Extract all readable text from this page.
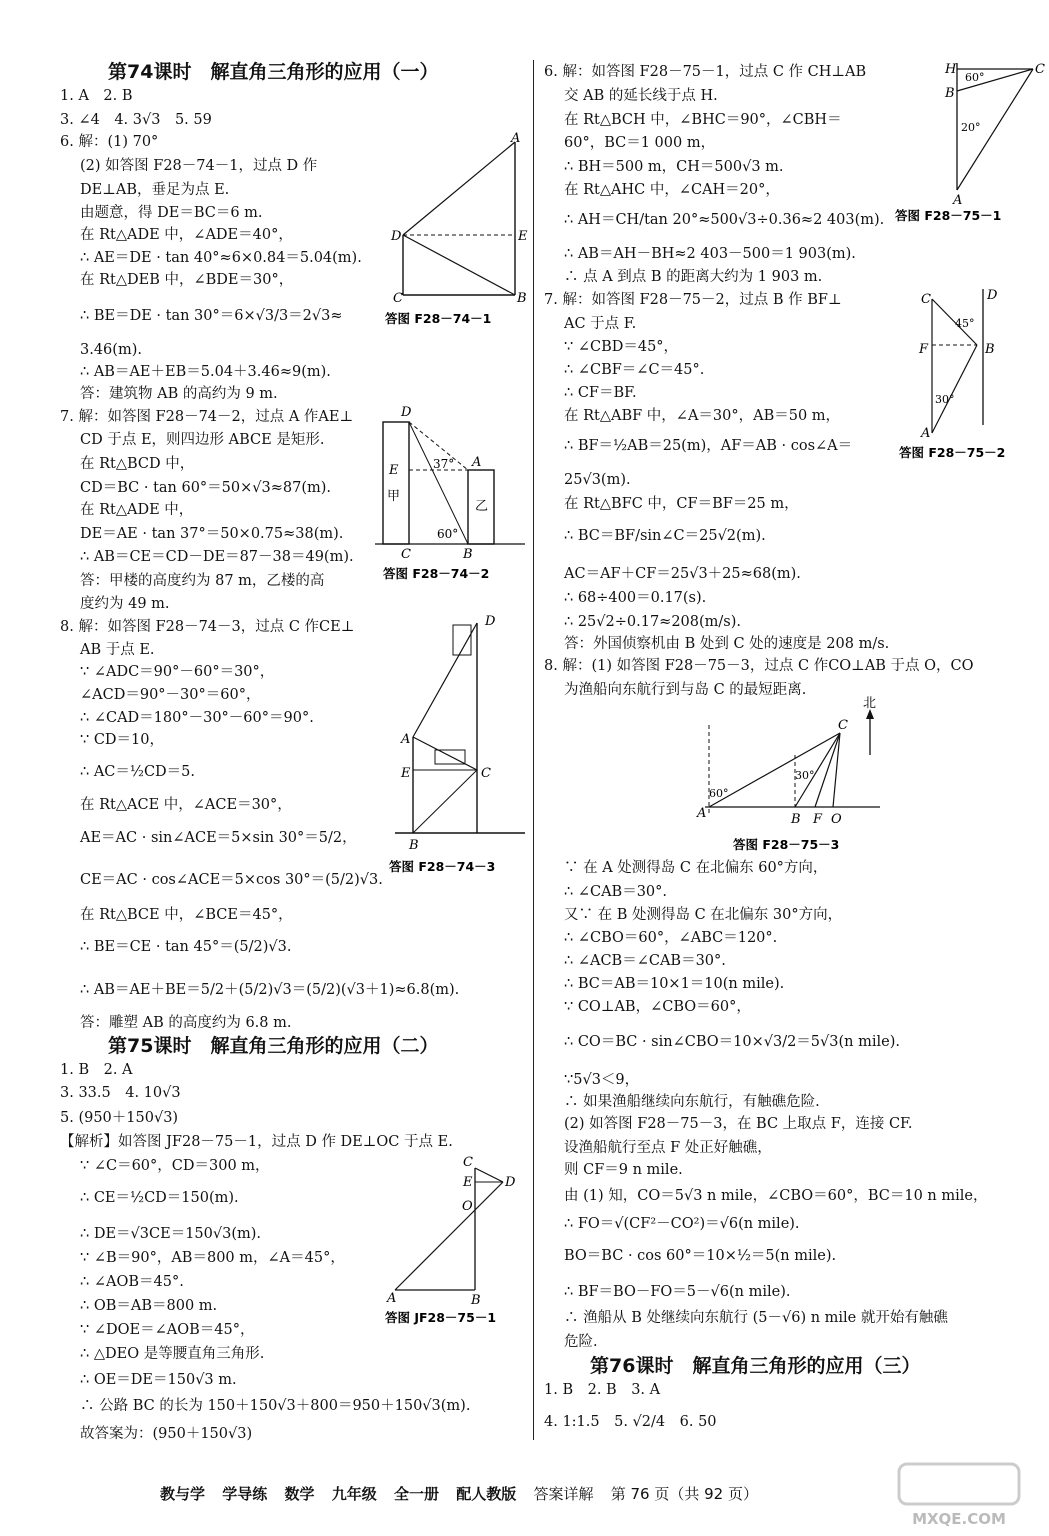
第74课时　解直角三角形的应用（一）
1. A　2. B
3. ∠4　4. 3√3　5. 59
6. 解：(1) 70°
(2) 如答图 F28－74－1，过点 D 作
DE⊥AB，垂足为点 E.
由题意，得 DE＝BC＝6 m.
在 Rt△ADE 中，∠ADE＝40°，
∴ AE＝DE · tan 40°≈6×0.84＝5.04(m).
在 Rt△DEB 中，∠BDE＝30°，
∴ BE＝DE · tan 30°＝6×√3/3＝2√3≈
3.46(m).
∴ AB＝AE＋EB＝5.04＋3.46≈9(m).
答：建筑物 AB 的高约为 9 m.
7. 解：如答图 F28－74－2，过点 A 作AE⊥
CD 于点 E，则四边形 ABCE 是矩形.
在 Rt△BCD 中，
CD＝BC · tan 60°＝50×√3≈87(m).
在 Rt△ADE 中，
DE＝AE · tan 37°＝50×0.75≈38(m).
∴ AB＝CE＝CD－DE＝87－38＝49(m).
答：甲楼的高度约为 87 m，乙楼的高
度约为 49 m.
8. 解：如答图 F28－74－3，过点 C 作CE⊥
AB 于点 E.
∵ ∠ADC＝90°－60°＝30°，
∠ACD＝90°－30°＝60°，
∴ ∠CAD＝180°－30°－60°＝90°.
∵ CD＝10，
∴ AC＝½CD＝5.
在 Rt△ACE 中，∠ACE＝30°，
AE＝AC · sin∠ACE＝5×sin 30°＝5/2，
CE＝AC · cos∠ACE＝5×cos 30°＝(5/2)√3.
在 Rt△BCE 中，∠BCE＝45°，
∴ BE＝CE · tan 45°＝(5/2)√3.
∴ AB＝AE＋BE＝5/2＋(5/2)√3＝(5/2)(√3＋1)≈6.8(m).
答：雕塑 AB 的高度约为 6.8 m.
第75课时　解直角三角形的应用（二）
1. B　2. A
3. 33.5　4. 10√3
5. (950＋150√3)
【解析】如答图 JF28－75－1，过点 D 作 DE⊥OC 于点 E.
∵ ∠C＝60°，CD＝300 m，
∴ CE＝½CD＝150(m).
∴ DE＝√3CE＝150√3(m).
∵ ∠B＝90°，AB＝800 m，∠A＝45°，
∴ ∠AOB＝45°.
∴ OB＝AB＝800 m.
∵ ∠DOE＝∠AOB＝45°，
∴ △DEO 是等腰直角三角形.
∴ OE＝DE＝150√3 m.
∴ 公路 BC 的长为 150＋150√3＋800＝950＋150√3(m).
故答案为：(950＋150√3)
6. 解：如答图 F28－75－1，过点 C 作 CH⊥AB
交 AB 的延长线于点 H.
在 Rt△BCH 中，∠BHC＝90°，∠CBH＝
60°，BC＝1 000 m，
∴ BH＝500 m，CH＝500√3 m.
在 Rt△AHC 中，∠CAH＝20°，
∴ AH＝CH/tan 20°≈500√3÷0.36≈2 403(m).
∴ AB＝AH－BH≈2 403－500＝1 903(m).
∴ 点 A 到点 B 的距离大约为 1 903 m.
7. 解：如答图 F28－75－2，过点 B 作 BF⊥
AC 于点 F.
∵ ∠CBD＝45°，
∴ ∠CBF＝∠C＝45°.
∴ CF＝BF.
在 Rt△ABF 中，∠A＝30°，AB＝50 m，
∴ BF＝½AB＝25(m)，AF＝AB · cos∠A＝
25√3(m).
在 Rt△BFC 中，CF＝BF＝25 m，
∴ BC＝BF/sin∠C＝25√2(m).
AC＝AF＋CF＝25√3＋25≈68(m).
∴ 68÷400＝0.17(s).
∴ 25√2÷0.17≈208(m/s).
答：外国侦察机由 B 处到 C 处的速度是 208 m/s.
8. 解：(1) 如答图 F28－75－3，过点 C 作CO⊥AB 于点 O，CO
为渔船向东航行到与岛 C 的最短距离.
∵ 在 A 处测得岛 C 在北偏东 60°方向，
∴ ∠CAB＝30°.
又∵ 在 B 处测得岛 C 在北偏东 30°方向，
∴ ∠CBO＝60°，∠ABC＝120°.
∴ ∠ACB＝∠CAB＝30°.
∴ BC＝AB＝10×1＝10(n mile).
∵ CO⊥AB，∠CBO＝60°，
∴ CO＝BC · sin∠CBO＝10×√3/2＝5√3(n mile).
∵5√3＜9，
∴ 如果渔船继续向东航行，有触礁危险.
(2) 如答图 F28－75－3，在 BC 上取点 F，连接 CF.
设渔船航行至点 F 处正好触礁，
则 CF＝9 n mile.
由 (1) 知，CO＝5√3 n mile，∠CBO＝60°，BC＝10 n mile，
∴ FO＝√(CF²－CO²)＝√6(n mile).
BO＝BC · cos 60°＝10×½＝5(n mile).
∴ BF＝BO－FO＝5－√6(n mile).
∴ 渔船从 B 处继续向东航行 (5－√6) n mile 就开始有触礁
危险.
第76课时　解直角三角形的应用（三）
1. B　2. B　3. A
4. 1:1.5　5. √2/4　6. 50
A
D	E
C	B
答图 F28－74－1
D
E	37° A
甲
乙
60°
C	B
答图 F28－74－2
D
A
E	C
B
答图 F28－74－3
C
E	D
O
A	B
答图 JF28－75－1
H
60°
C
B
20°
A
答图 F28－75－1
C	D
45°
F	B
30°
A
答图 F28－75－2
北
C
60°
30°
A	B F O
答图 F28－75－3
教与学 学导练 数学 九年级 全一册 配人教版 答案详解 第 76 页（共 92 页）
MXQE.COM
